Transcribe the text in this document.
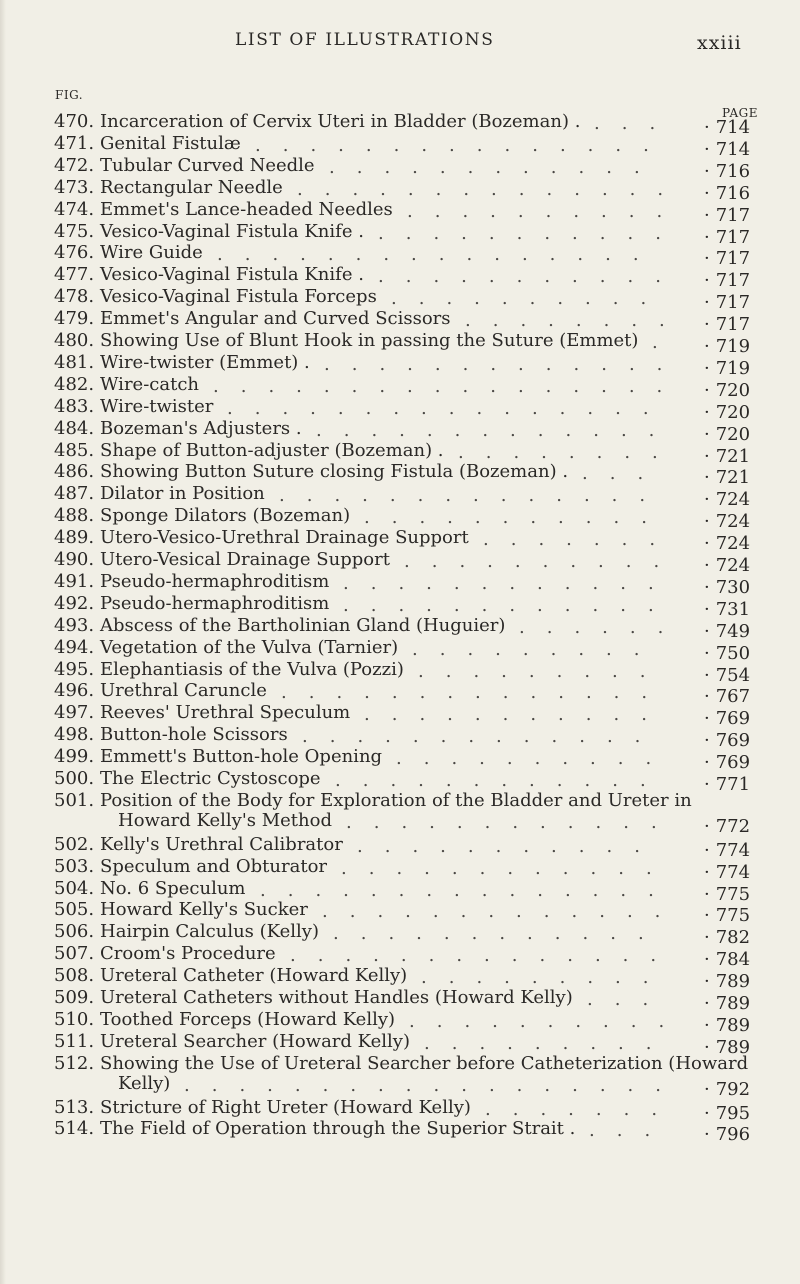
LIST OF ILLUSTRATIONS	xxiii
FIG.
PAGE
470. Incarceration of Cervix Uteri in Bladder (Bozeman) .	· 714
...
471. Genital Fistulæ	· 714
...............
472. Tubular Curved Needle	· 716
............
473. Rectangular Needle	· 716
..............
474. Emmet's Lance-headed Needles	· 717
..........
475. Vesico-Vaginal Fistula Knife .	· 717
...........
476. Wire Guide	· 717
................
477. Vesico-Vaginal Fistula Knife .	· 717
...........
478. Vesico-Vaginal Fistula Forceps	· 717
..........
479. Emmet's Angular and Curved Scissors	· 717
........
480. Showing Use of Blunt Hook in passing the Suture (Emmet)	· 719
.
481. Wire-twister (Emmet) .	· 719
.............
482. Wire-catch	· 720
.................
483. Wire-twister	· 720
................
484. Bozeman's Adjusters .	· 720
.............
485. Shape of Button-adjuster (Bozeman) .	· 721
........
486. Showing Button Suture closing Fistula (Bozeman) .	· 721
...
487. Dilator in Position	· 724
..............
488. Sponge Dilators (Bozeman)	· 724
...........
489. Utero-Vesico-Urethral Drainage Support	· 724
.......
490. Utero-Vesical Drainage Support	· 724
..........
491. Pseudo-hermaphroditism	· 730
............
492. Pseudo-hermaphroditism	· 731
............
493. Abscess of the Bartholinian Gland (Huguier)	· 749
......
494. Vegetation of the Vulva (Tarnier)	· 750
.........
495. Elephantiasis of the Vulva (Pozzi)	· 754
.........
496. Urethral Caruncle	· 767
..............
497. Reeves' Urethral Speculum	· 769
...........
498. Button-hole Scissors	· 769
.............
499. Emmett's Button-hole Opening	· 769
..........
500. The Electric Cystoscope	· 771
............
501. Position of the Body for Exploration of the Bladder and Ureter in
Howard Kelly's Method	· 772
............
502. Kelly's Urethral Calibrator	· 774
...........
503. Speculum and Obturator	· 774
............
504. No. 6 Speculum	· 775
...............
505. Howard Kelly's Sucker	· 775
.............
506. Hairpin Calculus (Kelly)	· 782
............
507. Croom's Procedure	· 784
..............
508. Ureteral Catheter (Howard Kelly)	· 789
.........
509. Ureteral Catheters without Handles (Howard Kelly)	· 789
...
510. Toothed Forceps (Howard Kelly)	· 789
..........
511. Ureteral Searcher (Howard Kelly)	· 789
.........
512. Showing the Use of Ureteral Searcher before Catheterization (Howard
Kelly)	· 792
..................
513. Stricture of Right Ureter (Howard Kelly)	· 795
.......
514. The Field of Operation through the Superior Strait .	· 796
...
